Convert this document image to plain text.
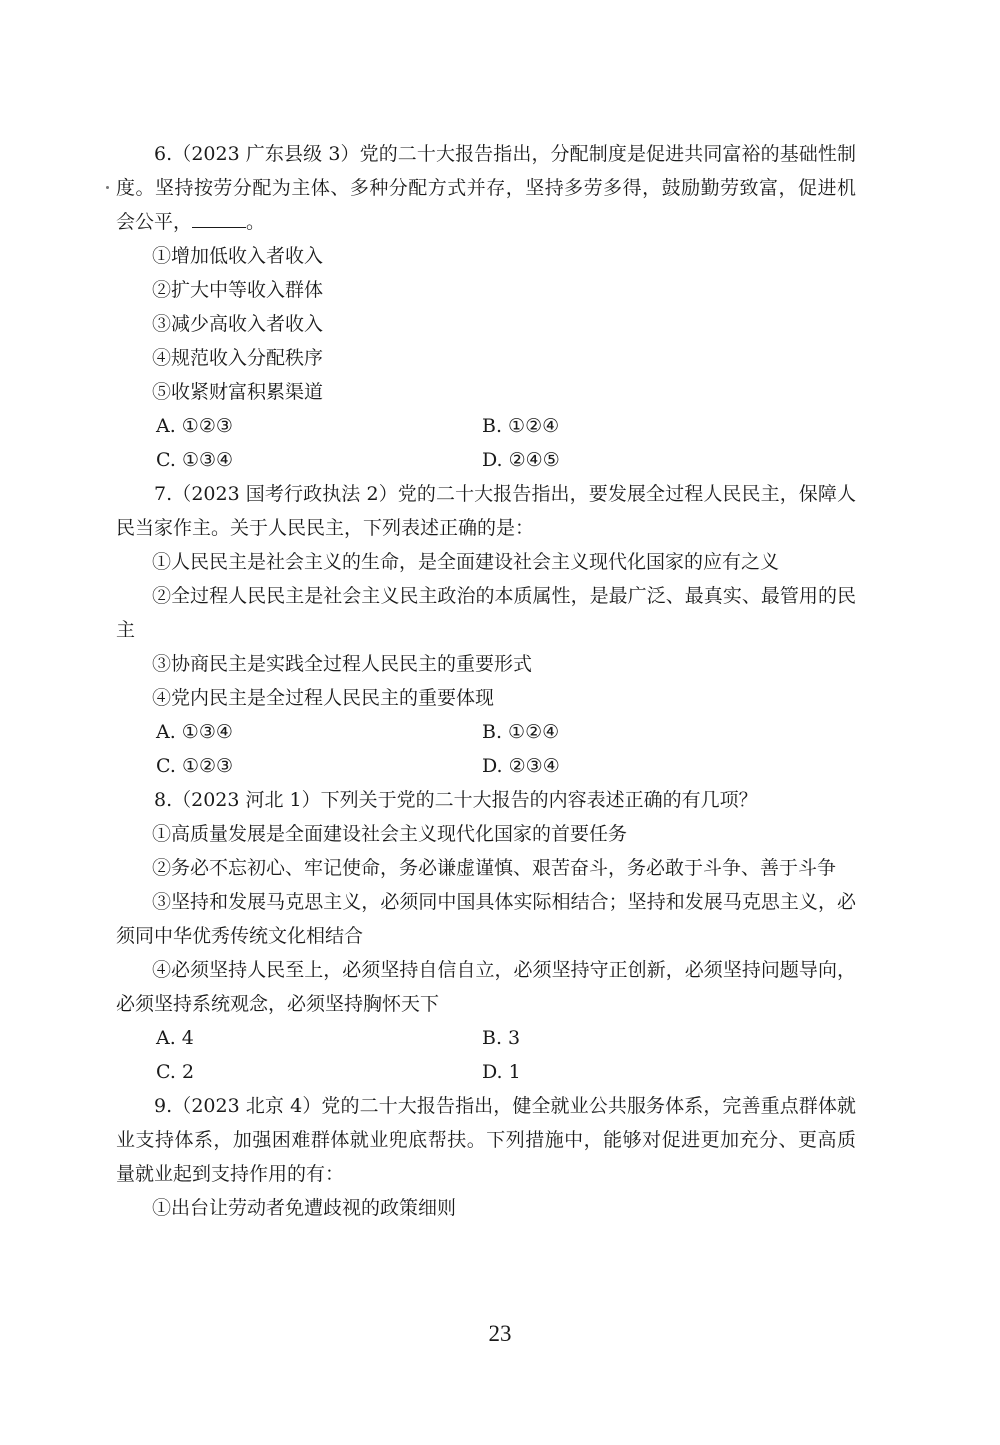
6.（2023 广东县级 3）党的二十大报告指出，分配制度是促进共同富裕的基础性制度。坚持按劳分配为主体、多种分配方式并存，坚持多劳多得，鼓励勤劳致富，促进机会公平，	。

①增加低收入者收入

②扩大中等收入群体

③减少高收入者收入

④规范收入分配秩序

⑤收紧财富积累渠道

A. ①②③	B. ①②④
C. ①③④	D. ②④⑤

7.（2023 国考行政执法 2）党的二十大报告指出，要发展全过程人民民主，保障人民当家作主。关于人民民主，下列表述正确的是：

①人民民主是社会主义的生命，是全面建设社会主义现代化国家的应有之义

②全过程人民民主是社会主义民主政治的本质属性，是最广泛、最真实、最管用的民主

③协商民主是实践全过程人民民主的重要形式

④党内民主是全过程人民民主的重要体现

A. ①③④	B. ①②④
C. ①②③	D. ②③④

8.（2023 河北 1）下列关于党的二十大报告的内容表述正确的有几项？

①高质量发展是全面建设社会主义现代化国家的首要任务

②务必不忘初心、牢记使命，务必谦虚谨慎、艰苦奋斗，务必敢于斗争、善于斗争

③坚持和发展马克思主义，必须同中国具体实际相结合；坚持和发展马克思主义，必须同中华优秀传统文化相结合

④必须坚持人民至上，必须坚持自信自立，必须坚持守正创新，必须坚持问题导向，必须坚持系统观念，必须坚持胸怀天下

A. 4	B. 3
C. 2	D. 1

9.（2023 北京 4）党的二十大报告指出，健全就业公共服务体系，完善重点群体就业支持体系，加强困难群体就业兜底帮扶。下列措施中，能够对促进更加充分、更高质量就业起到支持作用的有：

①出台让劳动者免遭歧视的政策细则

23
